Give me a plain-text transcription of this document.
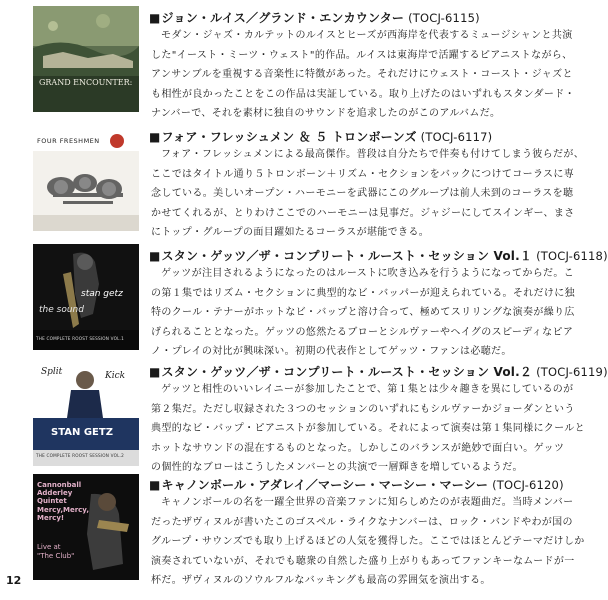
GRAND ENCOUNTER:
■ジョン・ルイス／グランド・エンカウンター (TOCJ-6115)
モダン・ジャズ・カルテットのルイスとヒーズが西海岸を代表するミュージシャンと共演
した"イースト・ミーツ・ウェスト"的作品。ルイスは東海岸で活躍するピアニストながら、
アンサンブルを重視する音楽性に特徴があった。それだけにウェスト・コースト・ジャズと
も相性が良かったことをこの作品は実証している。取り上げたのはいずれもスタンダード・
ナンバーで、それを素材に独自のサウンドを追求したのがこのアルバムだ。
FOUR FRESHMEN	■フォア・フレッシュメン ＆ ５ トロンボーンズ (TOCJ-6117)
フォア・フレッシュメンによる最高傑作。普段は自分たちで伴奏も付けてしまう彼らだが、
ここではタイトル通り５トロンボーン＋リズム・セクションをバックにつけてコーラスに専
念している。美しいオープン・ハーモニーを武器にこのグループは前人未到のコーラスを聴
かせてくれるが、とりわけここでのハーモニーは見事だ。ジャジーにしてスインギー、まさ
にトップ・グループの面目躍如たるコーラスが堪能できる。
stan getz
the sound
THE COMPLETE ROOST SESSION VOL.1
■スタン・ゲッツ／ザ・コンプリート・ルースト・セッション Vol.１ (TOCJ-6118)
ゲッツが注目されるようになったのはルーストに吹き込みを行うようになってからだ。こ
の第１集ではリズム・セクションに典型的なビ・バッパーが迎えられている。それだけに独
特のクール・テナーがホットなビ・バップと溶け合って、極めてスリリングな演奏が繰り広
げられることとなった。ゲッツの悠然たるブローとシルヴァーやヘイグのスピーディなピア
ノ・プレイの対比が興味深い。初期の代表作としてゲッツ・ファンは必聴だ。
Split	Kick
STAN GETZ
THE COMPLETE ROOST SESSION VOL.2
■スタン・ゲッツ／ザ・コンプリート・ルースト・セッション Vol.２ (TOCJ-6119)
ゲッツと相性のいいレイニーが参加したことで、第１集とは少々趣きを異にしているのが
第２集だ。ただし収録された３つのセッションのいずれにもシルヴァーかジョーダンという
典型的なビ・バップ・ピアニストが参加している。それによって演奏は第１集同様にクールと
ホットなサウンドの混在するものとなった。しかしこのバランスが絶妙で面白い。ゲッツ
の個性的なブローはこうしたメンバーとの共演で一層輝きを増しているようだ。
Cannonball
Adderley
Quintet
Mercy,Mercy,
Mercy!
Live at
"The Club"
■キャノンボール・アダレイ／マーシー・マーシー・マーシー (TOCJ-6120)
キャノンボールの名を一躍全世界の音楽ファンに知らしめたのが表題曲だ。当時メンバー
だったザヴィヌルが書いたこのゴスペル・ライクなナンバーは、ロック・バンドやわが国の
グループ・サウンズでも取り上げるほどの人気を獲得した。ここではほとんどテーマだけしか
演奏されていないが、それでも聴衆の自然した盛り上がりもあってファンキーなムードが一
杯だ。ザヴィヌルのソウルフルなバッキングも最高の雰囲気を演出する。
12
